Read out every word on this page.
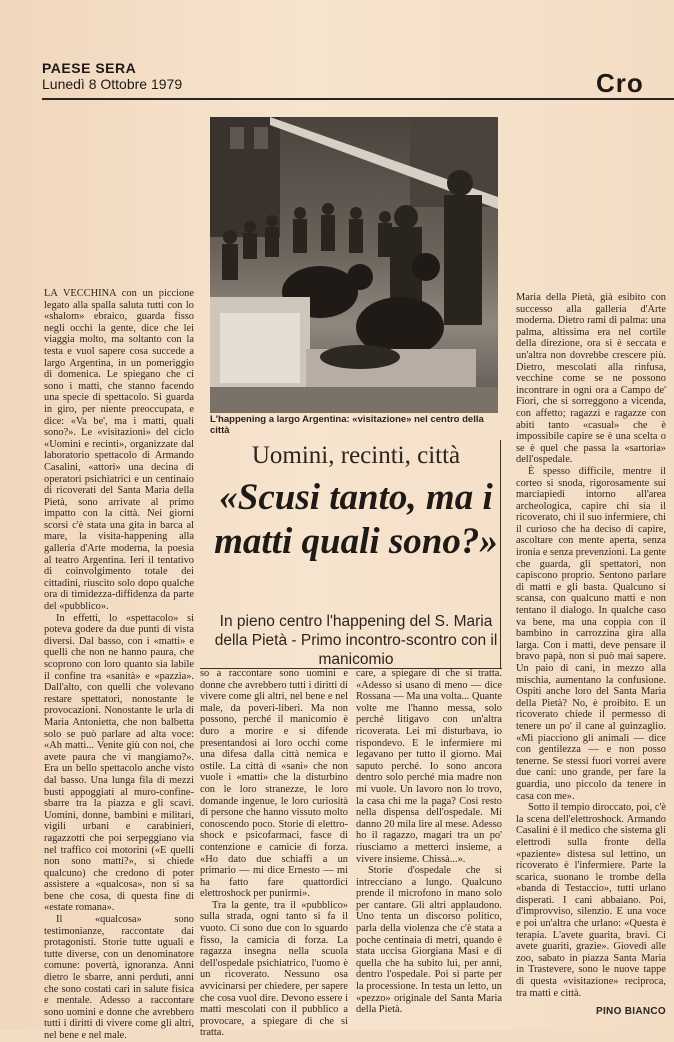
PAESE SERA
Lunedì 8 Ottobre 1979	Cro
L'happening a largo Argentina: «visitazione» nel centro della città
Uomini, recinti, città
«Scusi tanto, ma i matti quali sono?»
In pieno centro l'happening del S. Maria della Pietà - Primo incontro-scontro con il manicomio

LA VECCHINA con un piccione legato alla spalla saluta tutti con lo «shalom» ebraico, guarda fisso negli occhi la gente, dice che lei viaggia molto, ma soltanto con la testa e vuol sapere cosa succede a largo Argentina, in un pomeriggio di domenica. Le spiegano che ci sono i matti, che stanno facendo una specie di spettacolo. Si guarda in giro, per niente preoccupata, e dice: «Va be', ma i matti, quali sono?». Le «visitazioni» del ciclo «Uomini e recinti», organizzate dal laboratorio spettacolo di Armando Casalini, «attori» una decina di operatori psichiatrici e un centinaio di ricoverati del Santa Maria della Pietà, sono arrivate al primo impatto con la città. Nei giorni scorsi c'è stata una gita in barca al mare, la visita-happening alla galleria d'Arte moderna, la poesia al teatro Argentina. Ieri il tentativo di coinvolgimento totale dei cittadini, riuscito solo dopo qualche ora di timidezza-diffidenza da parte del «pubblico».

In effetti, lo «spettacolo» si poteva godere da due punti di vista diversi. Dal basso, con i «matti» e quelli che non ne hanno paura, che scoprono con loro quanto sia labile il confine tra «sanità» e «pazzia». Dall'alto, con quelli che volevano restare spettatori, nonostante le provocazioni. Nonostante le urla di Maria Antonietta, che non balbetta solo se può parlare ad alta voce: «Ah matti... Venite giù con noi, che avete paura che vi mangiamo?». Era un bello spettacolo anche visto dal basso. Una lunga fila di mezzi busti appoggiati al muro-confine-sbarre tra la piazza e gli scavi. Uomini, donne, bambini e militari, vigili urbani e carabinieri, ragazzotti che poi serpeggiano via nel traffico coi motorini («E quelli non sono matti?», si chiede qualcuno) che credono di poter assistere a «qualcosa», non si sa bene che cosa, di questa fine di «estate romana».

Il «qualcosa» sono testimonianze, raccontate dai protagonisti. Storie tutte uguali e tutte diverse, con un denominatore comune: povertà, ignoranza. Anni dietro le sbarre, anni perduti, anni che sono costati cari in salute fisica e mentale. Adesso a raccontare sono uomini e donne che avrebbero tutti i diritti di vivere come gli altri, nel bene e nel male.

so a raccontare sono uomini e donne che avrebbero tutti i diritti di vivere come gli altri, nel bene e nel male, da poveri-liberi. Ma non possono, perché il manicomio è duro a morire e si difende presentandosi ai loro occhi come una difesa dalla città nemica e ostile. La città di «sani» che non vuole i «matti» che la disturbino con le loro stranezze, le loro domande ingenue, le loro curiosità di persone che hanno vissuto molto conoscendo poco. Storie di elettro-shock e psicofarmaci, fasce di contenzione e camicie di forza. «Ho dato due schiaffi a un primario — mi dice Ernesto — mi ha fatto fare quattordici elettroshock per punirmi».

Tra la gente, tra il «pubblico» sulla strada, ogni tanto si fa il vuoto. Ci sono due con lo sguardo fisso, la camicia di forza. La ragazza insegna nella scuola dell'ospedale psichiatrico, l'uomo è un ricoverato. Nessuno osa avvicinarsi per chiedere, per sapere che cosa vuol dire. Devono essere i matti mescolati con il pubblico a provocare, a spiegare di che si tratta.

care, a spiegare di che si tratta. «Adesso si usano di meno — dice Rossana — Ma una volta... Quante volte me l'hanno messa, solo perché litigavo con un'altra ricoverata. Lei mi disturbava, io rispondevo. E le infermiere mi legavano per tutto il giorno. Mai saputo perché. Io sono ancora dentro solo perché mia madre non mi vuole. Un lavoro non lo trovo, la casa chi me la paga? Così resto nella dispensa dell'ospedale. Mi danno 20 mila lire al mese. Adesso ho il ragazzo, magari tra un po' riusciamo a metterci insieme, a vivere insieme. Chissà...».

Storie d'ospedale che si intrecciano a lungo. Qualcuno prende il microfono in mano solo per cantare. Gli altri applaudono. Uno tenta un discorso politico, parla della violenza che c'è stata a poche centinaia di metri, quando è stata uccisa Giorgiana Masi e di quella che ha subito lui, per anni, dentro l'ospedale. Poi si parte per la processione. In testa un letto, un «pezzo» originale del Santa Maria della Pietà.

Maria della Pietà, già esibito con successo alla galleria d'Arte moderna. Dietro rami di palma: una palma, altissima era nel cortile della direzione, ora si è seccata e un'altra non dovrebbe crescere più. Dietro, mescolati alla rinfusa, vecchine come se ne possono incontrare in ogni ora a Campo de' Fiori, che si sorreggono a vicenda, con affetto; ragazzi e ragazze con abiti tanto «casual» che è impossibile capire se è una scelta o se è quel che passa la «sartoria» dell'ospedale.

È spesso difficile, mentre il corteo si snoda, rigorosamente sui marciapiedi intorno all'area archeologica, capire chi sia il ricoverato, chi il suo infermiere, chi il curioso che ha deciso di capire, ascoltare con mente aperta, senza ironia e senza prevenzioni. La gente che guarda, gli spettatori, non capiscono proprio. Sentono parlare di matti e gli basta. Qualcuno si scansa, con qualcuno matti e non tentano il dialogo. In qualche caso va bene, ma una coppia con il bambino in carrozzina gira alla larga. Con i matti, deve pensare il bravo papà, non si può mai sapere. Un paio di cani, in mezzo alla mischia, aumentano la confusione. Ospiti anche loro del Santa Maria della Pietà? No, è proibito. E un ricoverato chiede il permesso di tenere un po' il cane al guinzaglio. «Mi piacciono gli animali — dice con gentilezza — e non posso tenerne. Se stessi fuori vorrei avere due cani: uno grande, per fare la guardia, uno piccolo da tenere in casa con me».

Sotto il tempio diroccato, poi, c'è la scena dell'elettroshock. Armando Casalini è il medico che sistema gli elettrodi sulla fronte della «paziente» distesa sul lettino, un ricoverato è l'infermiere. Parte la scarica, suonano le trombe della «banda di Testaccio», tutti urlano disperati. I cani abbaiano. Poi, d'improvviso, silenzio. E una voce e poi un'altra che urlano: «Questa è terapia. L'avete guarita, bravi. Ci avete guariti, grazie». Giovedì alle zoo, sabato in piazza Santa Maria in Trastevere, sono le nuove tappe di questa «visitazione» reciproca, tra matti e città.

PINO BIANCO
